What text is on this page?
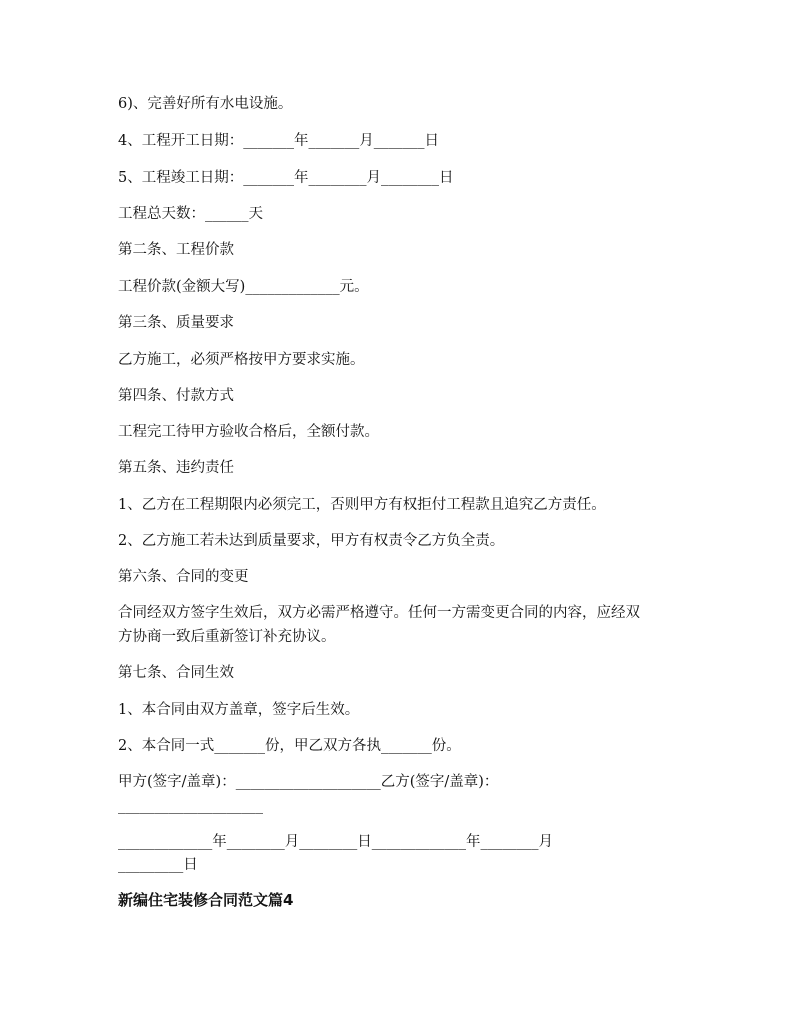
6)、完善好所有水电设施。
4、工程开工日期：_______年_______月_______日
5、工程竣工日期：_______年________月________日
工程总天数：______天
第二条、工程价款
工程价款(金额大写)_____________元。
第三条、质量要求
乙方施工，必须严格按甲方要求实施。
第四条、付款方式
工程完工待甲方验收合格后，全额付款。
第五条、违约责任
1、乙方在工程期限内必须完工，否则甲方有权拒付工程款且追究乙方责任。
2、乙方施工若未达到质量要求，甲方有权责令乙方负全责。
第六条、合同的变更
合同经双方签字生效后，双方必需严格遵守。任何一方需变更合同的内容，应经双
方协商一致后重新签订补充协议。
第七条、合同生效
1、本合同由双方盖章，签字后生效。
2、本合同一式_______份，甲乙双方各执_______份。
甲方(签字/盖章)：____________________乙方(签字/盖章)：
____________________
_____________年________月________日_____________年________月
_________日
新编住宅装修合同范文篇4
